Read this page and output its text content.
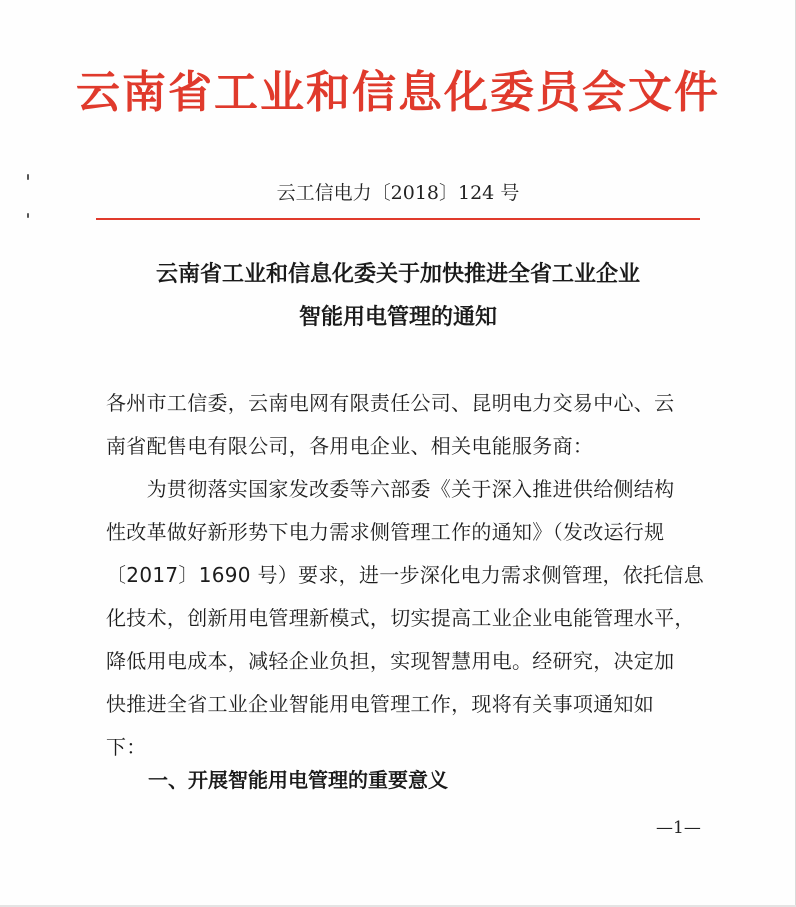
云南省工业和信息化委员会文件
云工信电力〔2018〕124 号
云南省工业和信息化委关于加快推进全省工业企业
智能用电管理的通知
各州市工信委，云南电网有限责任公司、昆明电力交易中心、云
南省配售电有限公司，各用电企业、相关电能服务商：
　　为贯彻落实国家发改委等六部委《关于深入推进供给侧结构
性改革做好新形势下电力需求侧管理工作的通知》（发改运行规
〔2017〕1690 号）要求，进一步深化电力需求侧管理，依托信息
化技术，创新用电管理新模式，切实提高工业企业电能管理水平，
降低用电成本，减轻企业负担，实现智慧用电。经研究，决定加
快推进全省工业企业智能用电管理工作，现将有关事项通知如
下：
一、开展智能用电管理的重要意义
—1—
